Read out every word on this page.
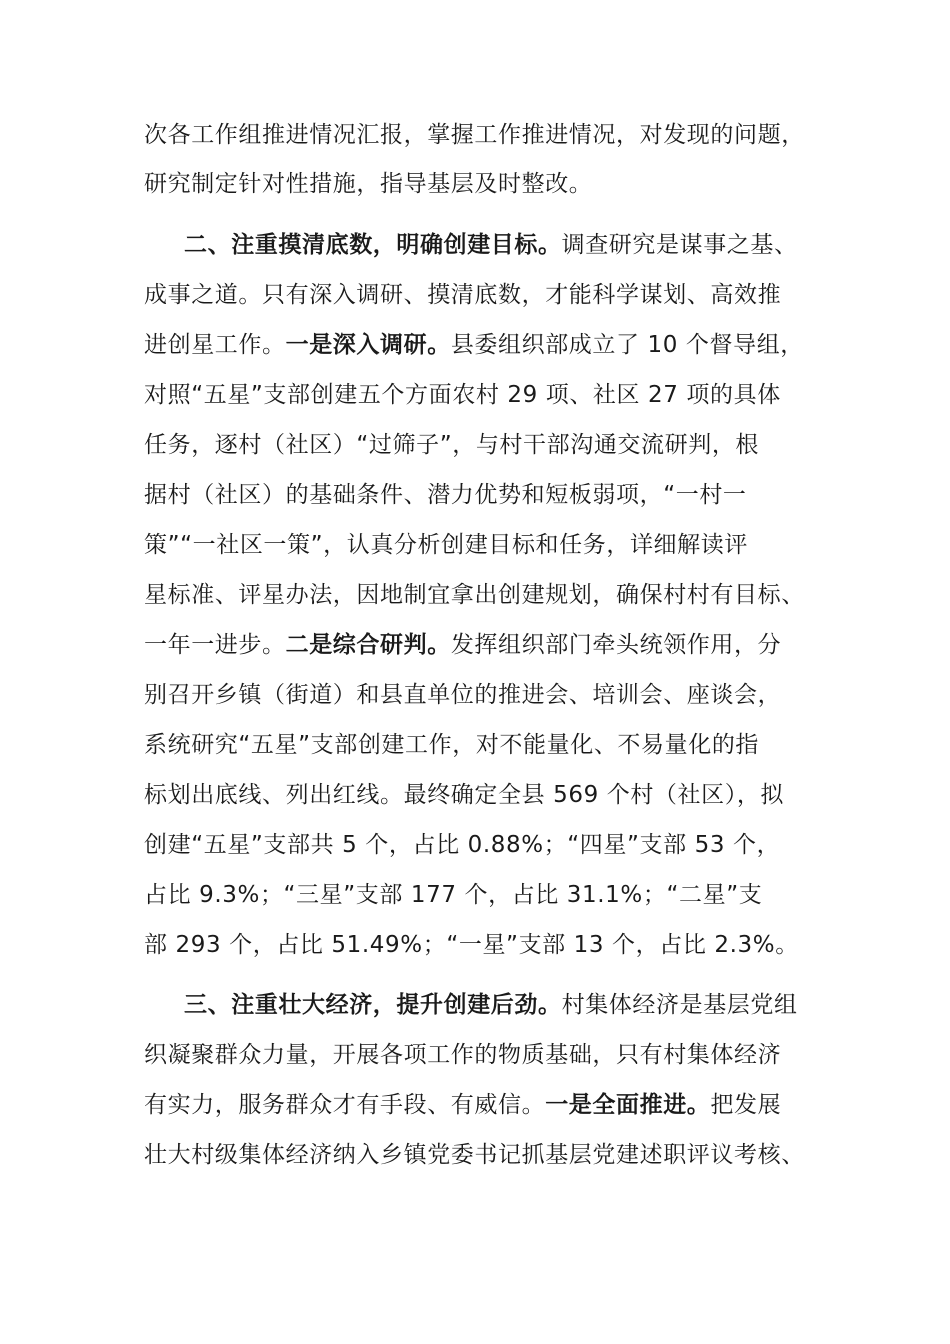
次各工作组推进情况汇报，掌握工作推进情况，对发现的问题，
研究制定针对性措施，指导基层及时整改。
二、注重摸清底数，明确创建目标。调查研究是谋事之基、
成事之道。只有深入调研、摸清底数，才能科学谋划、高效推
进创星工作。一是深入调研。县委组织部成立了 10 个督导组，
对照“五星”支部创建五个方面农村 29 项、社区 27 项的具体
任务，逐村（社区）“过筛子”，与村干部沟通交流研判，根
据村（社区）的基础条件、潜力优势和短板弱项，“一村一
策”“一社区一策”，认真分析创建目标和任务，详细解读评
星标准、评星办法，因地制宜拿出创建规划，确保村村有目标、
一年一进步。二是综合研判。发挥组织部门牵头统领作用，分
别召开乡镇（街道）和县直单位的推进会、培训会、座谈会，
系统研究“五星”支部创建工作，对不能量化、不易量化的指
标划出底线、列出红线。最终确定全县 569 个村（社区），拟
创建“五星”支部共 5 个，占比 0.88%；“四星”支部 53 个，
占比 9.3%；“三星”支部 177 个，占比 31.1%；“二星”支
部 293 个，占比 51.49%；“一星”支部 13 个，占比 2.3%。
三、注重壮大经济，提升创建后劲。村集体经济是基层党组
织凝聚群众力量，开展各项工作的物质基础，只有村集体经济
有实力，服务群众才有手段、有威信。一是全面推进。把发展
壮大村级集体经济纳入乡镇党委书记抓基层党建述职评议考核、
